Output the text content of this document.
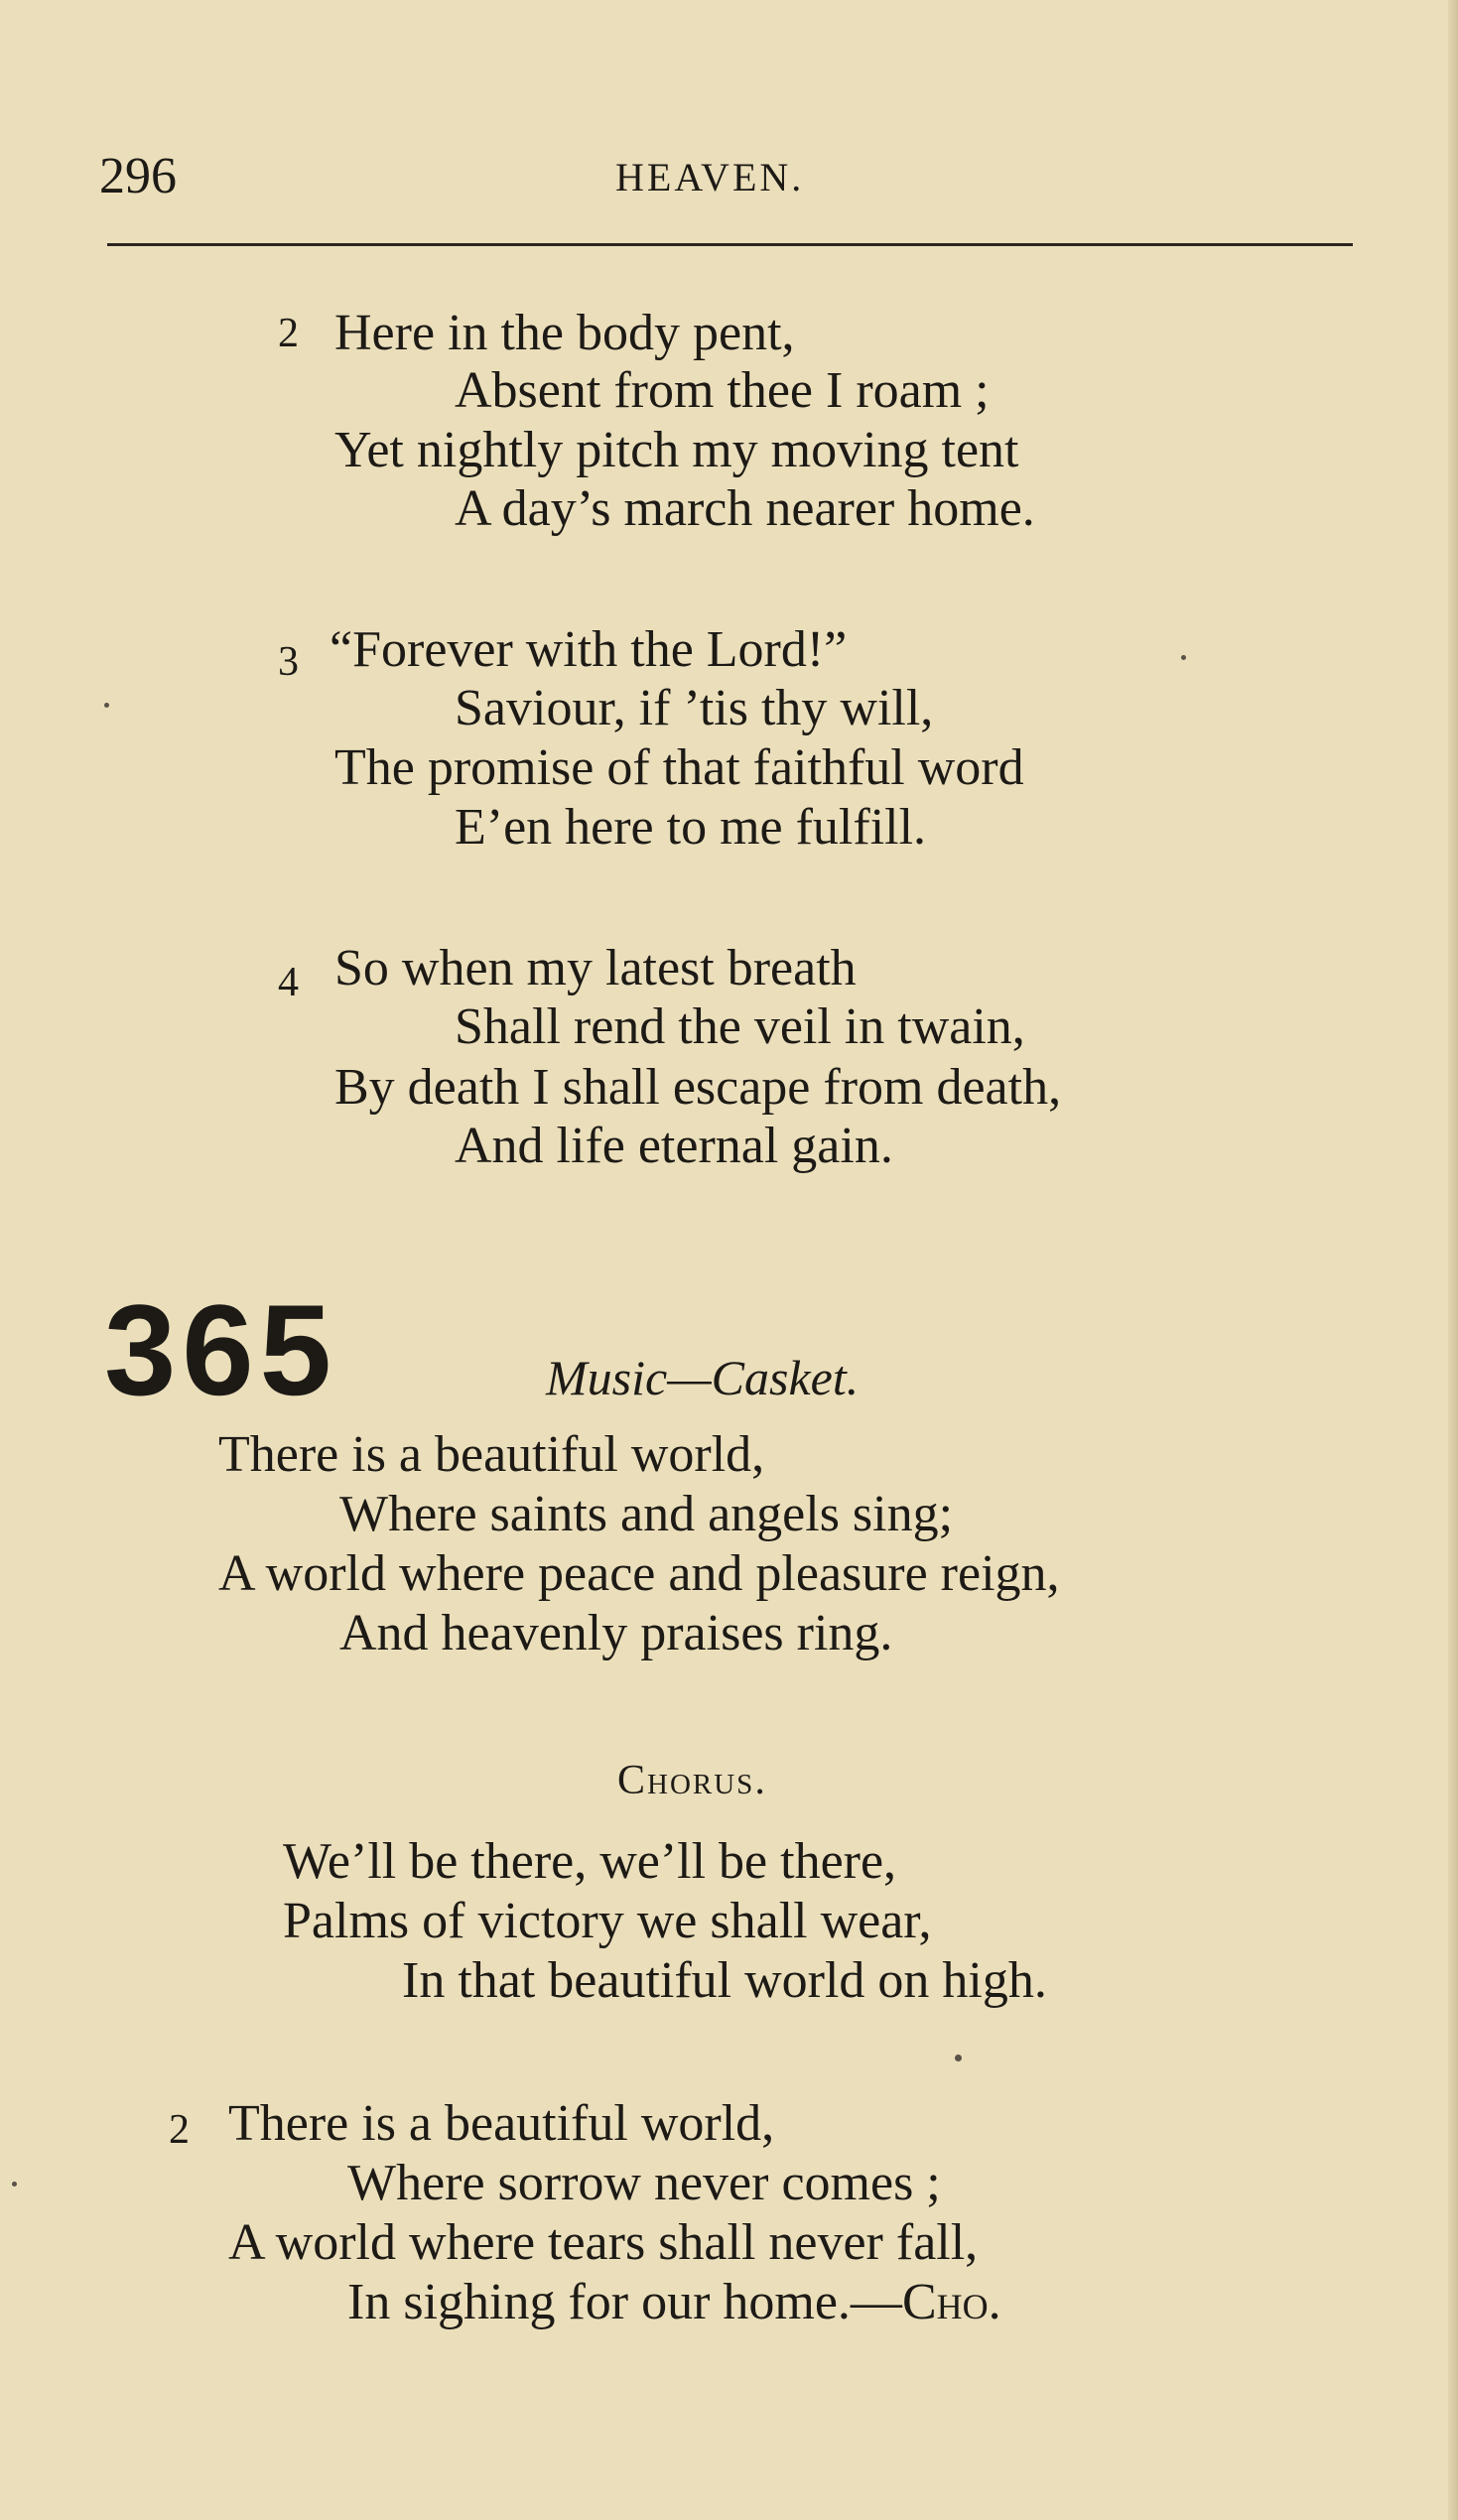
296	HEAVEN.
2 Here in the body pent,
Absent from thee I roam ;
Yet nightly pitch my moving tent
A day’s march nearer home.
3 “Forever with the Lord!”
Saviour, if ’tis thy will,
The promise of that faithful word
E’en here to me fulfill.
4 So when my latest breath
Shall rend the veil in twain,
By death I shall escape from death,
And life eternal gain.
365	Music—Casket.
There is a beautiful world,
Where saints and angels sing;
A world where peace and pleasure reign,
And heavenly praises ring.
Chorus.
We’ll be there, we’ll be there,
Palms of victory we shall wear,
In that beautiful world on high.
2 There is a beautiful world,
Where sorrow never comes ;
A world where tears shall never fall,
In sighing for our home.—Cho.
